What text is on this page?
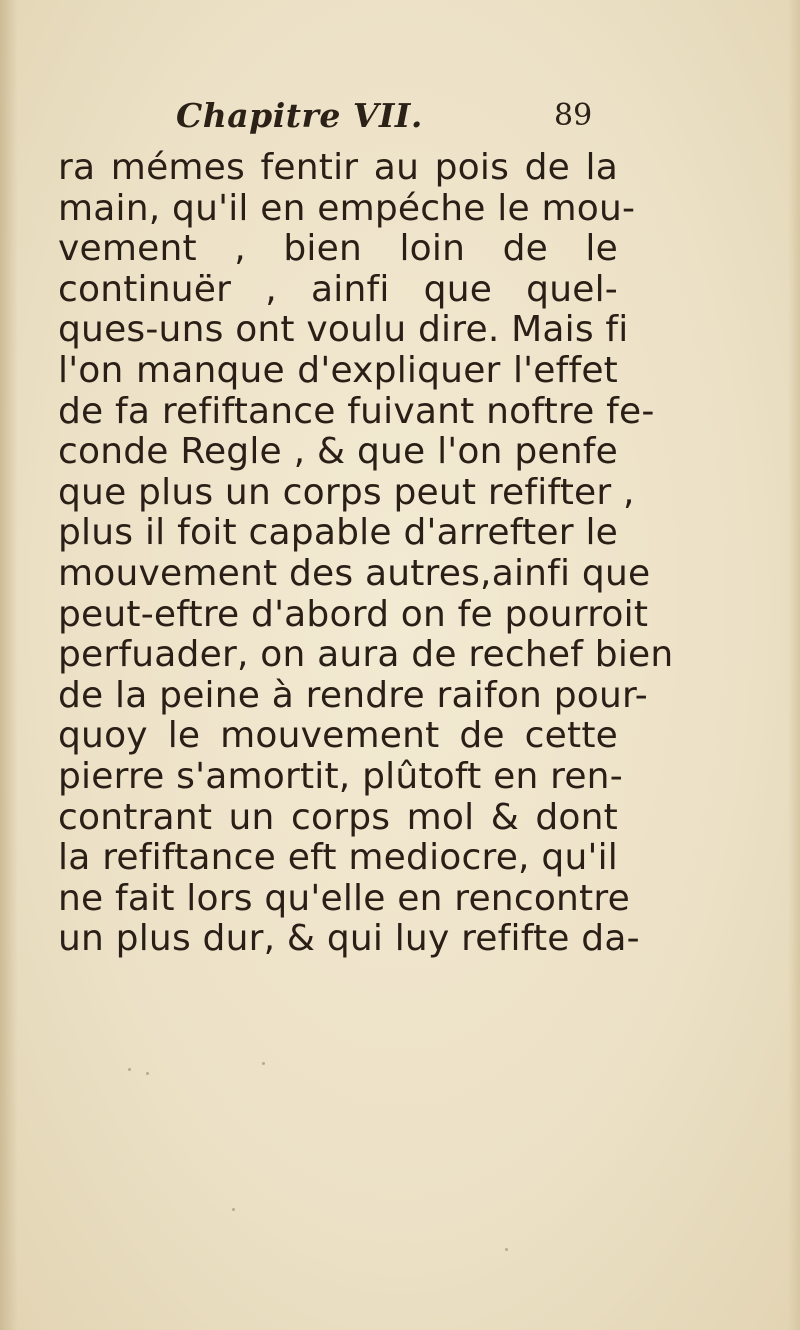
Chapitre VII.	89
ra mémes fentir au pois de la
main, qu'il en empéche le mou-
vement , bien loin de le
continuër , ainfi que quel-
ques-uns ont voulu dire. Mais fi
l'on manque d'expliquer l'effet
de fa refiftance fuivant noftre fe-
conde Regle , & que l'on penfe
que plus un corps peut refifter ,
plus il foit capable d'arrefter le
mouvement des autres,ainfi que
peut-eftre d'abord on fe pourroit
perfuader, on aura de rechef bien
de la peine à rendre raifon pour-
quoy le mouvement de cette
pierre s'amortit, plûtoft en ren-
contrant un corps mol & dont
la refiftance eft mediocre, qu'il
ne fait lors qu'elle en rencontre
un plus dur, & qui luy refifte da-
